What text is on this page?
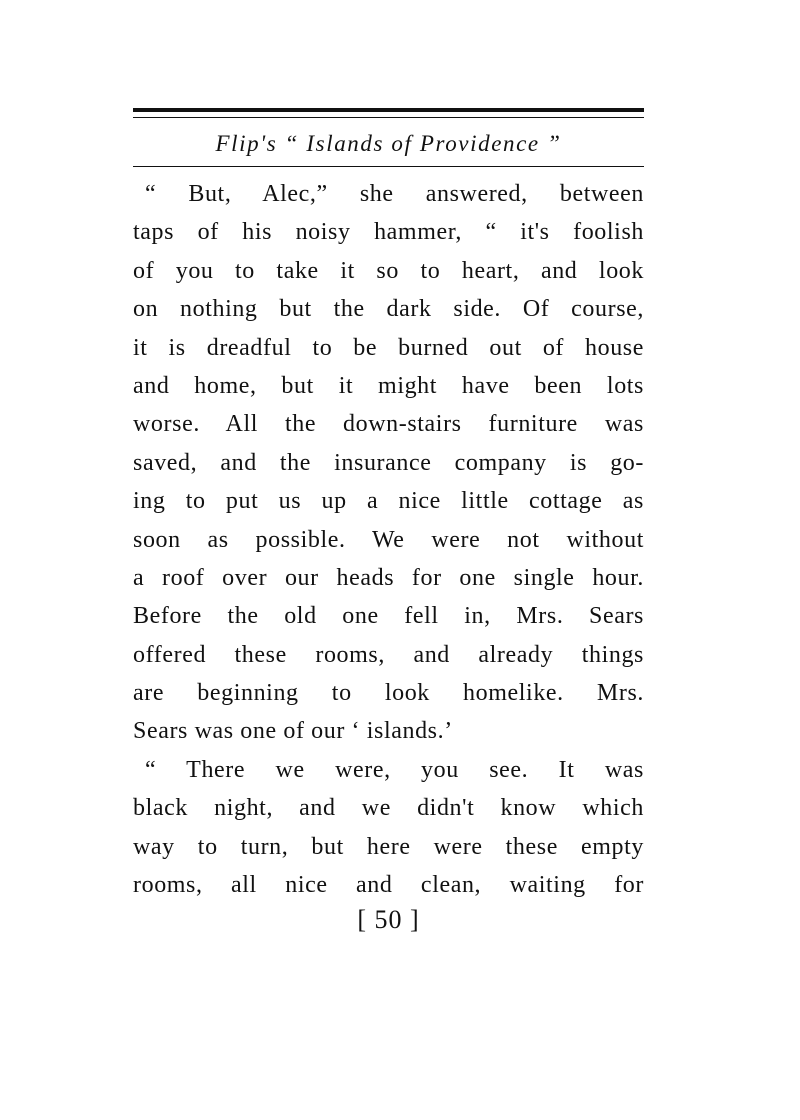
Flip's “ Islands of Providence ”
“ But, Alec,” she answered, between
taps of his noisy hammer, “ it's foolish
of you to take it so to heart, and look
on nothing but the dark side. Of course,
it is dreadful to be burned out of house
and home, but it might have been lots
worse. All the down-stairs furniture was
saved, and the insurance company is go-
ing to put us up a nice little cottage as
soon as possible. We were not without
a roof over our heads for one single hour.
Before the old one fell in, Mrs. Sears
offered these rooms, and already things
are beginning to look homelike. Mrs.
Sears was one of our ‘ islands.’
“ There we were, you see. It was
black night, and we didn't know which
way to turn, but here were these empty
rooms, all nice and clean, waiting for
[ 50 ]
